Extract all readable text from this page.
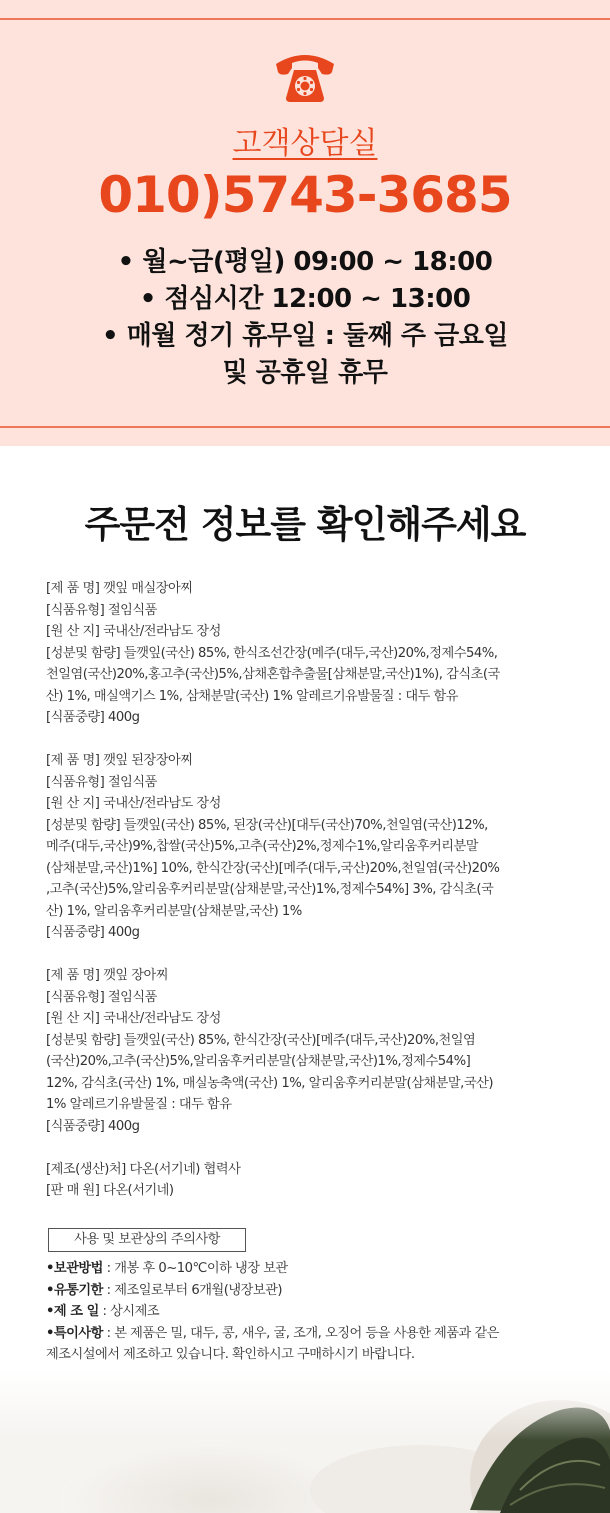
고객상담실
010)5743-3685
• 월~금(평일) 09:00 ~ 18:00
• 점심시간 12:00 ~ 13:00
• 매월 정기 휴무일 : 둘째 주 금요일
및 공휴일 휴무
주문전 정보를 확인해주세요

[제 품 명] 깻잎 매실장아찌

[식품유형] 절임식품

[원 산 지] 국내산/전라남도 장성

[성분및 함량] 들깻잎(국산) 85%, 한식조선간장(메주(대두,국산)20%,정제수54%,

천일염(국산)20%,홍고추(국산)5%,삼채혼합추출물[삼채분말,국산)1%), 감식초(국

산) 1%, 매실액기스 1%, 삼채분말(국산) 1% 알레르기유발물질 : 대두 함유

[식품중량] 400g

[제 품 명] 깻잎 된장장아찌

[식품유형] 절임식품

[원 산 지] 국내산/전라남도 장성

[성분및 함량] 들깻잎(국산) 85%, 된장(국산)[대두(국산)70%,천일염(국산)12%,

메주(대두,국산)9%,찹쌀(국산)5%,고추(국산)2%,정제수1%,알리움후커리분말

(삼채분말,국산)1%] 10%, 한식간장(국산)[메주(대두,국산)20%,천일염(국산)20%

,고추(국산)5%,알리움후커리분말(삼채분말,국산)1%,정제수54%] 3%, 감식초(국

산) 1%, 알리움후커리분말(삼채분말,국산) 1%

[식품중량] 400g

[제 품 명] 깻잎 장아찌

[식품유형] 절임식품

[원 산 지] 국내산/전라남도 장성

[성분및 함량] 들깻잎(국산) 85%, 한식간장(국산)[메주(대두,국산)20%,천일염

(국산)20%,고추(국산)5%,알리움후커리분말(삼채분말,국산)1%,정제수54%]

12%, 감식초(국산) 1%, 매실농축액(국산) 1%, 알리움후커리분말(삼채분말,국산)

1% 알레르기유발물질 : 대두 함유

[식품중량] 400g

[제조(생산)처] 다온(서기네) 협력사

[판 매 원] 다온(서기네)

사용 및 보관상의 주의사항

•보관방법 : 개봉 후 0~10℃이하 냉장 보관

•유통기한 : 제조일로부터 6개월(냉장보관)

•제 조 일 : 상시제조

•특이사항 : 본 제품은 밀, 대두, 콩, 새우, 굴, 조개, 오징어 등을 사용한 제품과 같은

제조시설에서 제조하고 있습니다. 확인하시고 구매하시기 바랍니다.
